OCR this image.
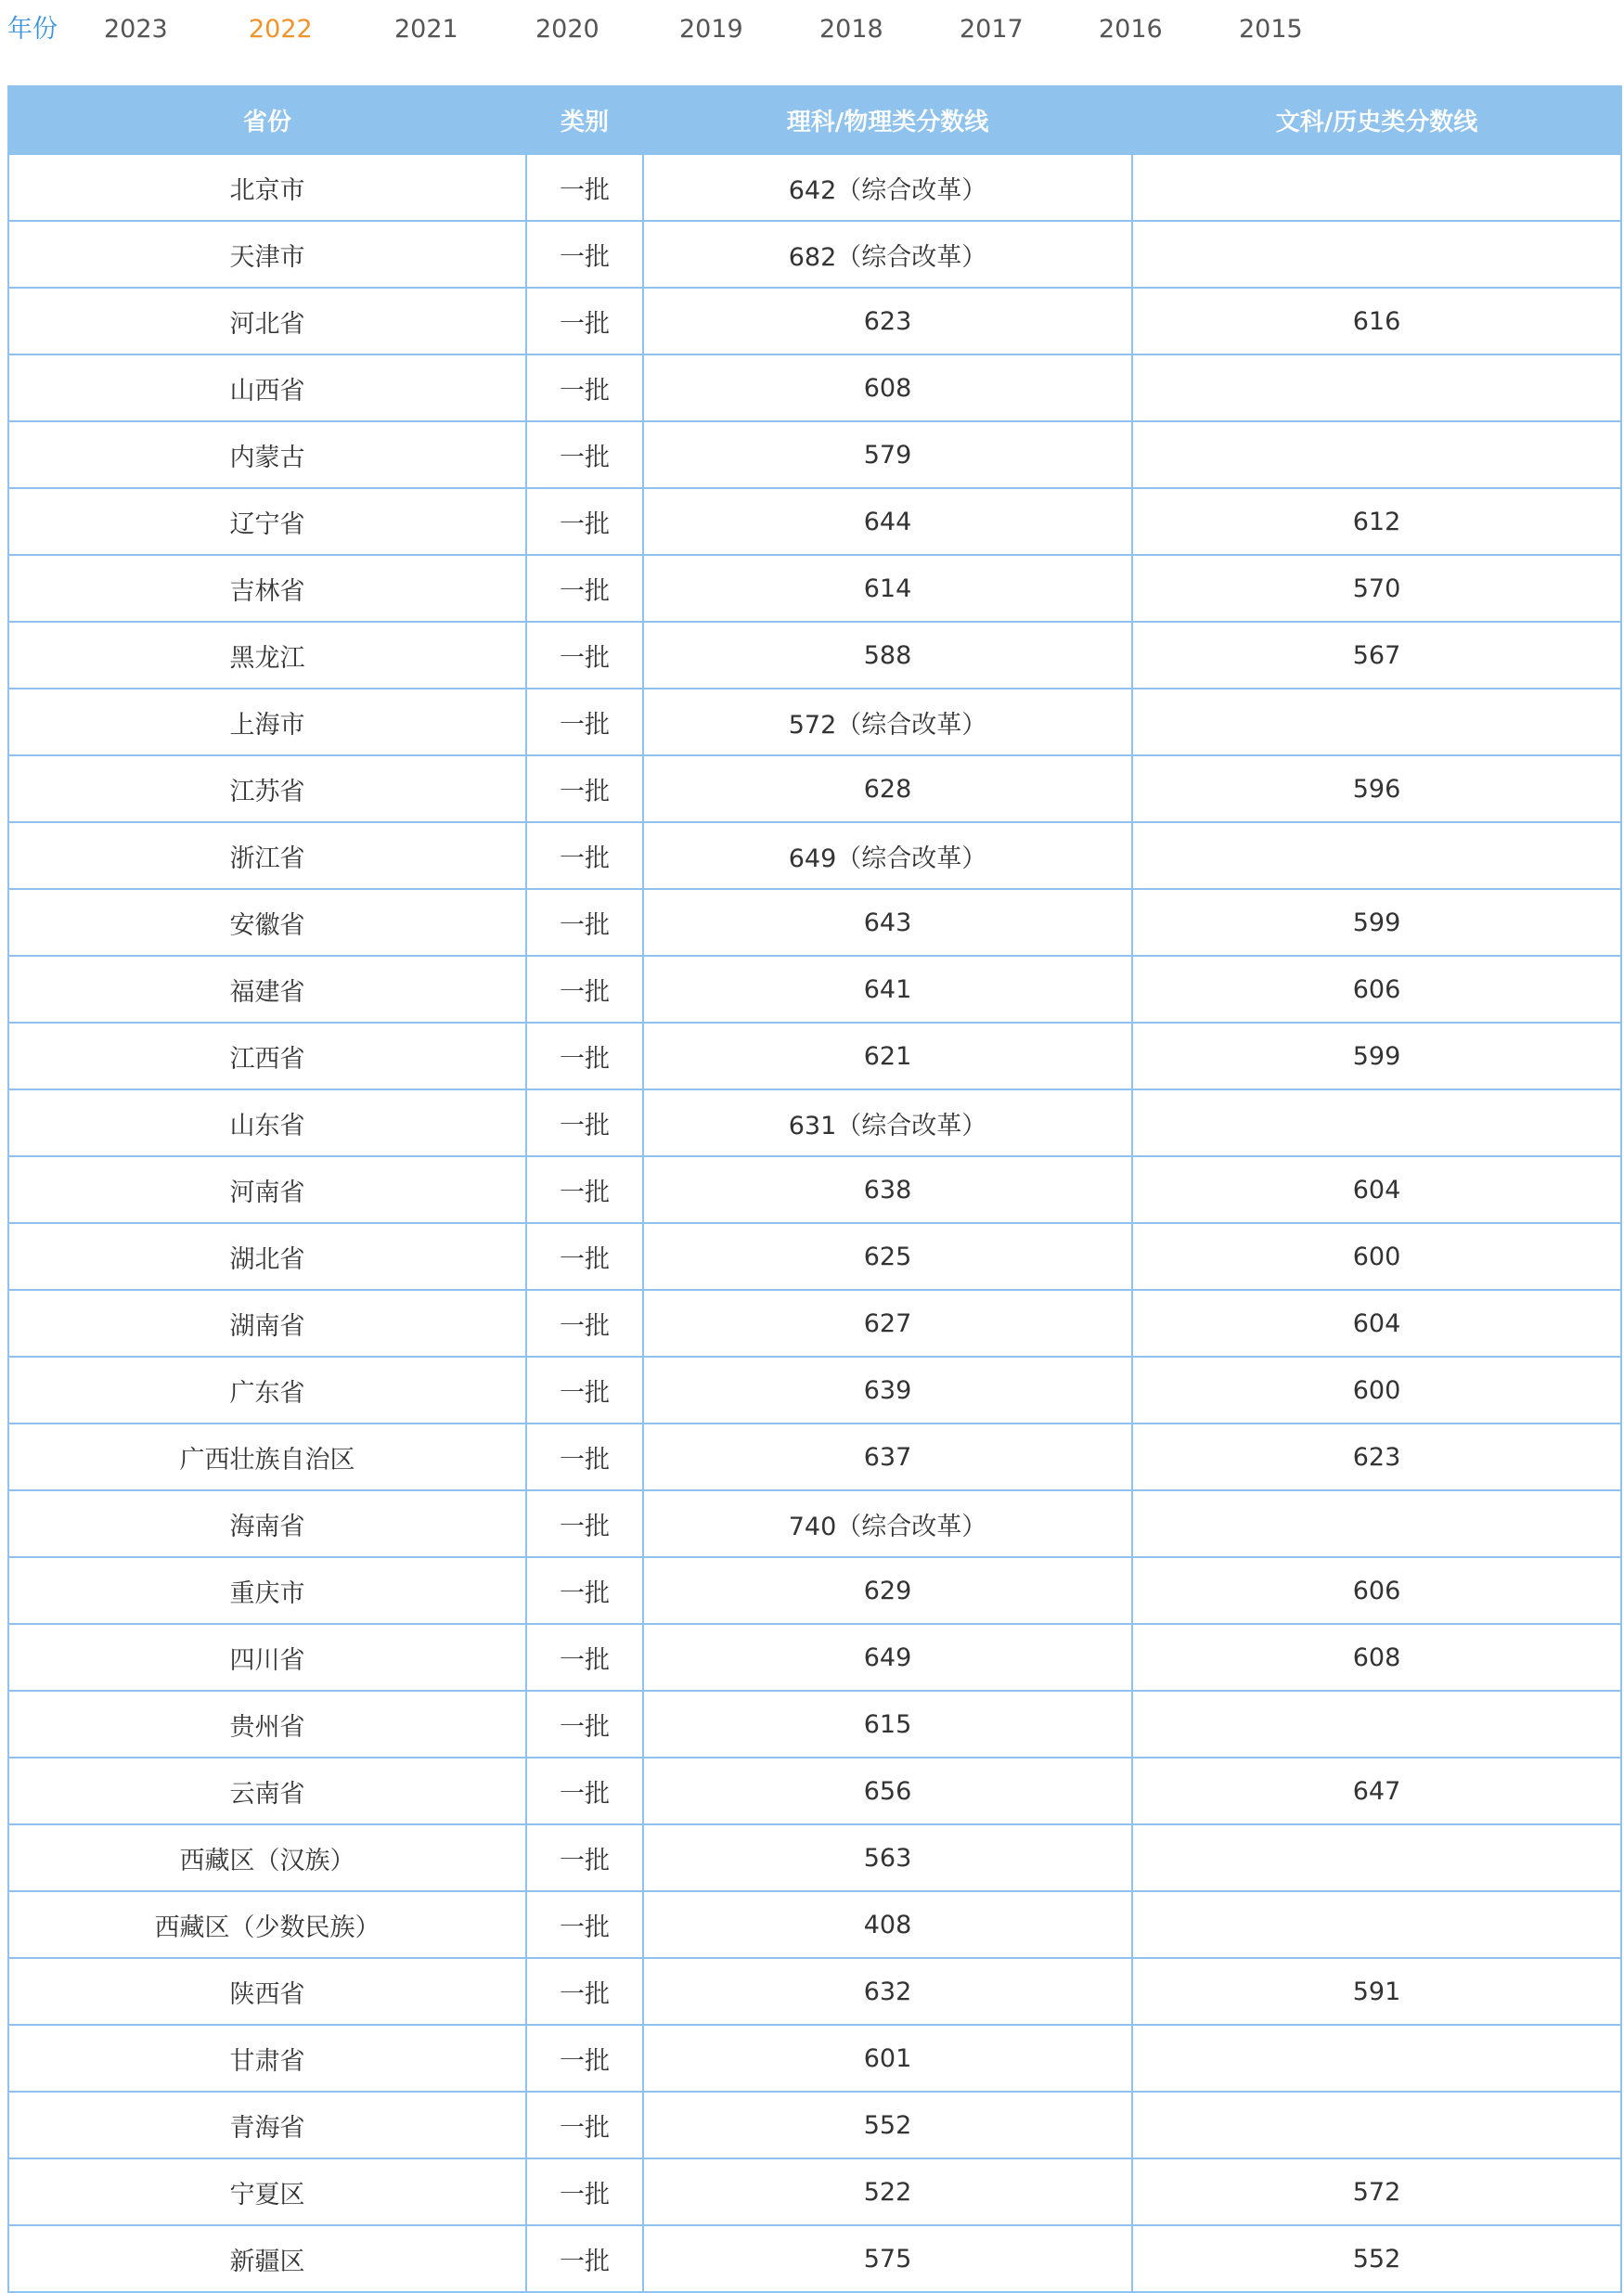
年份 2023	2022	2021	2020	2019	2018	2017	2016	2015
省份	类别	理科/物理类分数线	文科/历史类分数线
北京市	一批	642（综合改革）	
天津市	一批	682（综合改革）	
河北省	一批	623	616
山西省	一批	608	
内蒙古	一批	579	
辽宁省	一批	644	612
吉林省	一批	614	570
黑龙江	一批	588	567
上海市	一批	572（综合改革）	
江苏省	一批	628	596
浙江省	一批	649（综合改革）	
安徽省	一批	643	599
福建省	一批	641	606
江西省	一批	621	599
山东省	一批	631（综合改革）	
河南省	一批	638	604
湖北省	一批	625	600
湖南省	一批	627	604
广东省	一批	639	600
广西壮族自治区	一批	637	623
海南省	一批	740（综合改革）	
重庆市	一批	629	606
四川省	一批	649	608
贵州省	一批	615	
云南省	一批	656	647
西藏区（汉族）	一批	563	
西藏区（少数民族）	一批	408	
陕西省	一批	632	591
甘肃省	一批	601	
青海省	一批	552	
宁夏区	一批	522	572
新疆区	一批	575	552
